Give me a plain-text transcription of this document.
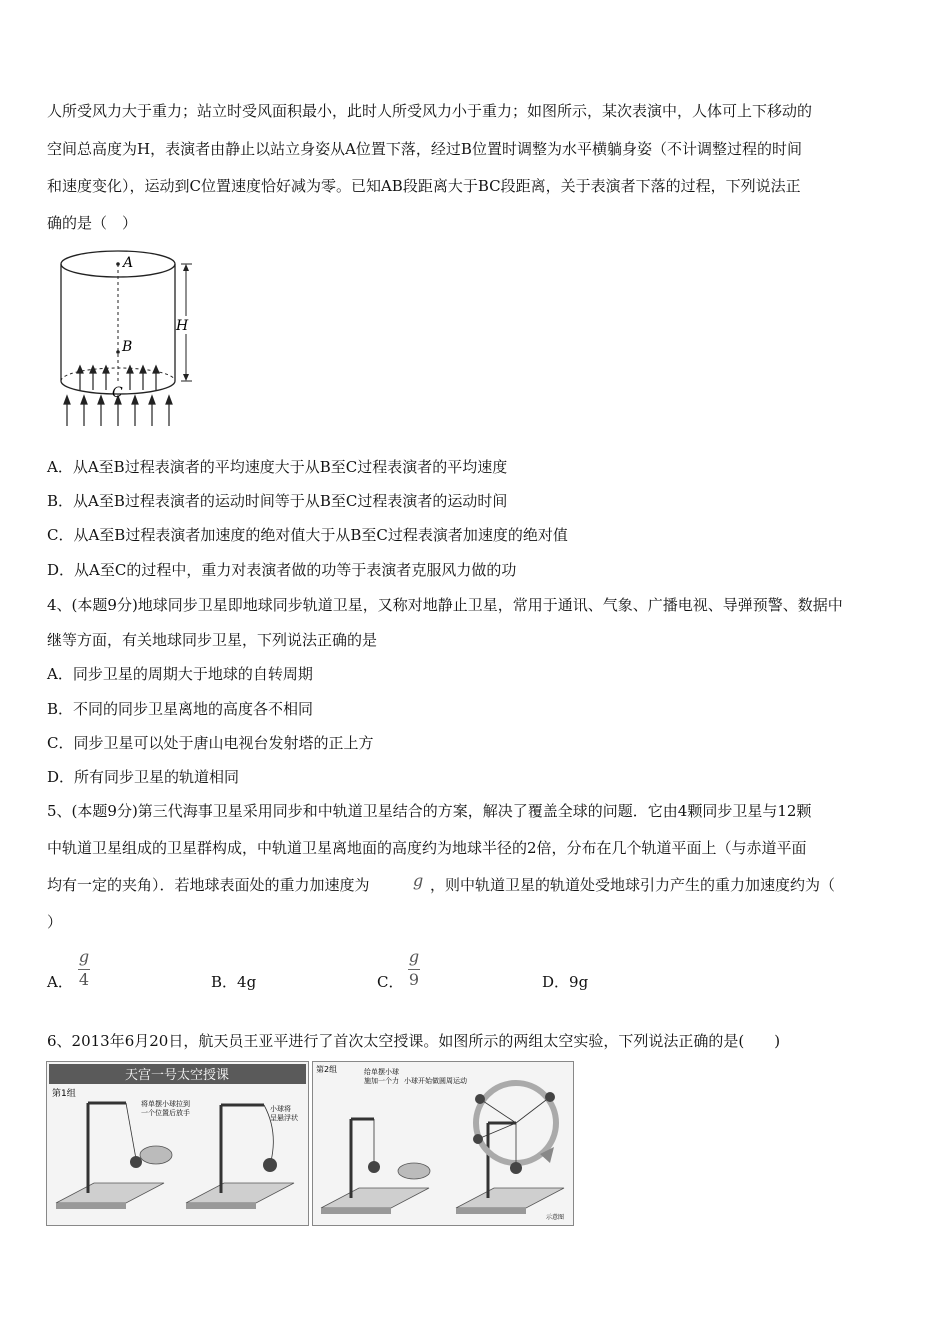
人所受风力大于重力；站立时受风面积最小，此时人所受风力小于重力；如图所示，某次表演中，人体可上下移动的
空间总高度为H，表演者由静止以站立身姿从A位置下落，经过B位置时调整为水平横躺身姿（不计调整过程的时间
和速度变化），运动到C位置速度恰好减为零。已知AB段距离大于BC段距离，关于表演者下落的过程，下列说法正
确的是（　）
A
B
C
H
A．从A至B过程表演者的平均速度大于从B至C过程表演者的平均速度
B．从A至B过程表演者的运动时间等于从B至C过程表演者的运动时间
C．从A至B过程表演者加速度的绝对值大于从B至C过程表演者加速度的绝对值
D．从A至C的过程中，重力对表演者做的功等于表演者克服风力做的功
4、(本题9分)地球同步卫星即地球同步轨道卫星，又称对地静止卫星，常用于通讯、气象、广播电视、导弹预警、数据中
继等方面，有关地球同步卫星，下列说法正确的是
A．同步卫星的周期大于地球的自转周期
B．不同的同步卫星离地的高度各不相同
C．同步卫星可以处于唐山电视台发射塔的正上方
D．所有同步卫星的轨道相同
5、(本题9分)第三代海事卫星采用同步和中轨道卫星结合的方案，解决了覆盖全球的问题．它由4颗同步卫星与12颗
中轨道卫星组成的卫星群构成，中轨道卫星离地面的高度约为地球半径的2倍，分布在几个轨道平面上（与赤道平面
均有一定的夹角）．若地球表面处的重力加速度为	g ，则中轨道卫星的轨道处受地球引力产生的重力加速度约为（
）
A．
g
4	B．4g	C．
g
9	D．9g
6、2013年6月20日，航天员王亚平进行了首次太空授课。如图所示的两组太空实验，下列说法正确的是(　　)
天宫一号太空授课
第1组
将单摆小球拉到
一个位置后放手	小球将
呈悬浮状
第2组	给单摆小球
施加一个力 小球开始做圆周运动
示意图
